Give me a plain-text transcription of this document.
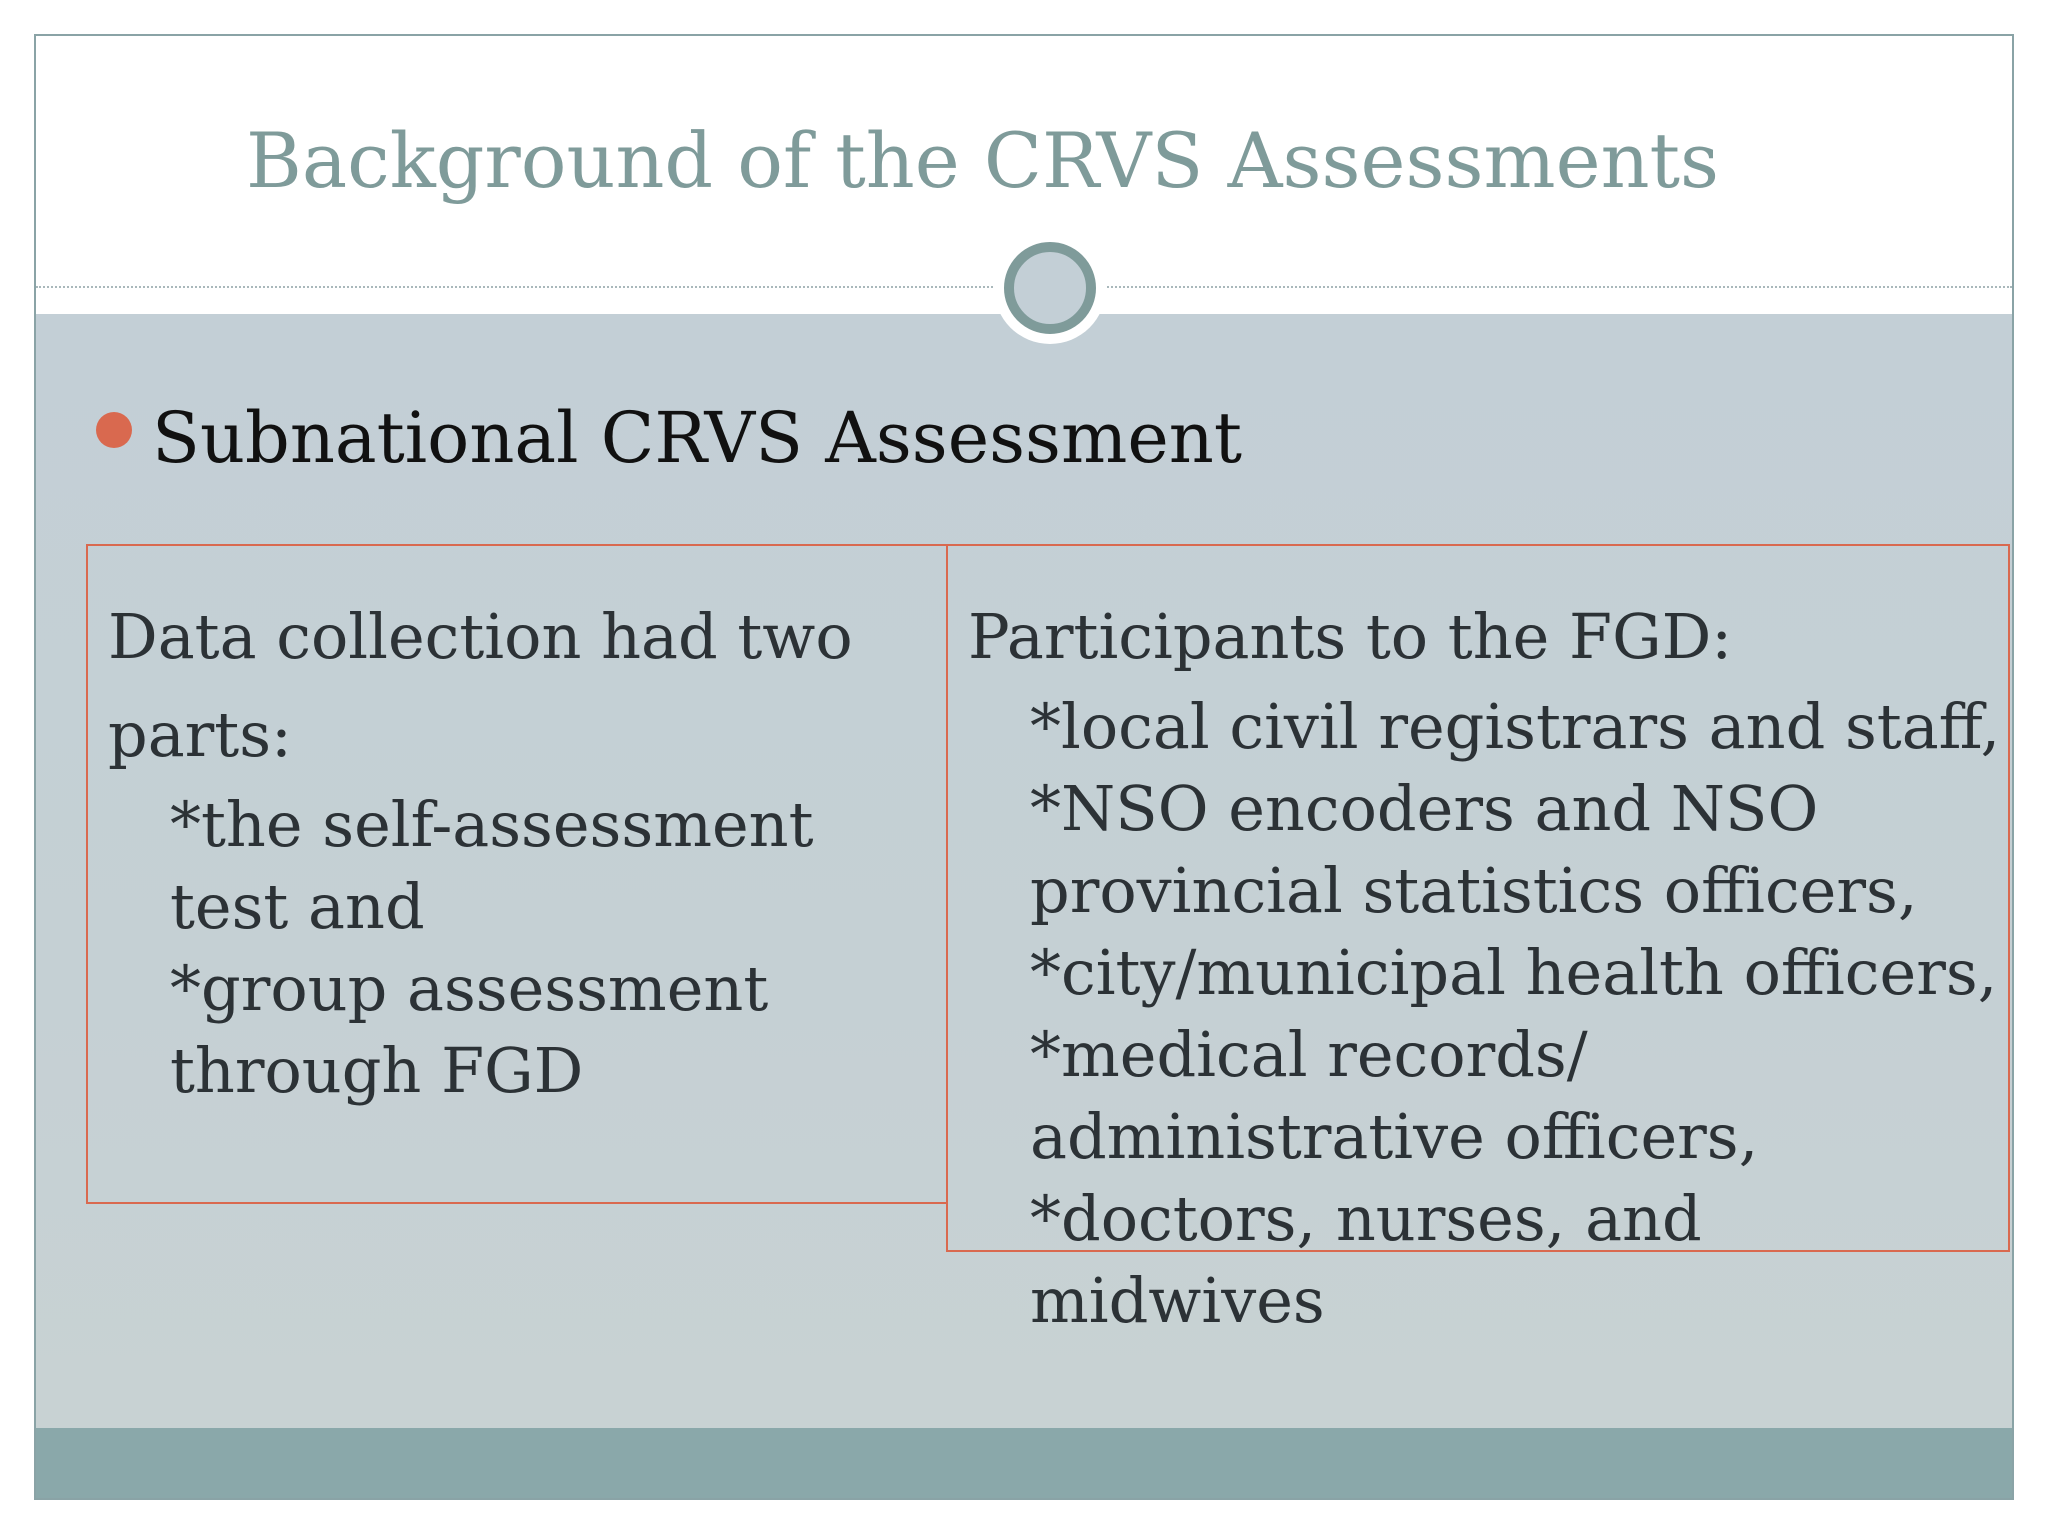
Background of the CRVS Assessments
Subnational CRVS Assessment
Data collection had two parts:
*the self-assessment test and
*group assessment through FGD
Participants to the FGD:
*local civil registrars and staff,
*NSO encoders and NSO provincial statistics officers,
*city/municipal health officers,
*medical records/ administrative officers,
*doctors, nurses, and midwives
